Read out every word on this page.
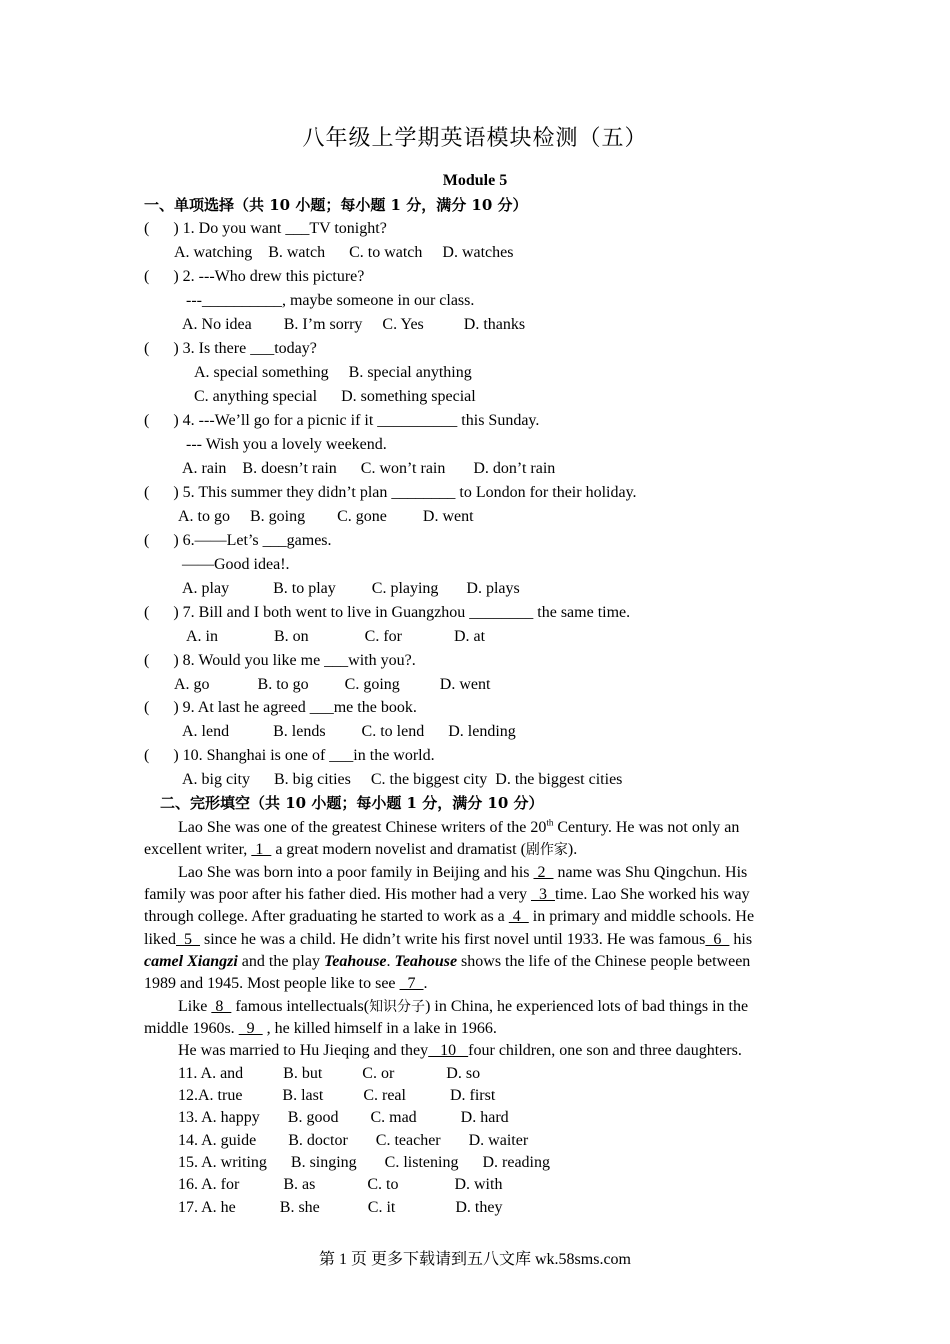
八年级上学期英语模块检测（五）
Module 5
一、单项选择（共 10 小题；每小题 1 分，满分 10 分）
(      ) 1. Do you want ___TV tonight?
A. watching    B. watch      C. to watch     D. watches
(      ) 2. ---Who drew this picture?
---__________, maybe someone in our class.
A. No idea        B. I’m sorry     C. Yes          D. thanks
(      ) 3. Is there ___today?
A. special something     B. special anything
C. anything special      D. something special
(      ) 4. ---We’ll go for a picnic if it __________ this Sunday.
--- Wish you a lovely weekend.
A. rain    B. doesn’t rain      C. won’t rain       D. don’t rain
(      ) 5. This summer they didn’t plan ________ to London for their holiday.
A. to go     B. going        C. gone         D. went
(      ) 6.——Let’s ___games.
——Good idea!.
A. play           B. to play         C. playing       D. plays
(      ) 7. Bill and I both went to live in Guangzhou ________ the same time.
A. in              B. on              C. for             D. at
(      ) 8. Would you like me ___with you?.
A. go            B. to go         C. going          D. went
(      ) 9. At last he agreed ___me the book.
A. lend           B. lends         C. to lend      D. lending
(      ) 10. Shanghai is one of ___in the world.
A. big city      B. big cities     C. the biggest city  D. the biggest cities
二、完形填空（共 10 小题；每小题 1 分，满分 10 分）
Lao She was one of the greatest Chinese writers of the 20th Century. He was not only an
excellent writer,  1   a great modern novelist and dramatist (剧作家).
Lao She was born into a poor family in Beijing and his  2   name was Shu Qingchun. His
family was poor after his father died. His mother had a very   3  time. Lao She worked his way
through college. After graduating he started to work as a  4   in primary and middle schools. He
liked  5   since he was a child. He didn’t write his first novel until 1933. He was famous  6   his
camel Xiangzi and the play Teahouse. Teahouse shows the life of the Chinese people between
1989 and 1945. Most people like to see   7  .
Like  8   famous intellectuals(知识分子) in China, he experienced lots of bad things in the
middle 1960s.   9   , he killed himself in a lake in 1966.
He was married to Hu Jieqing and they   10   four children, one son and three daughters.
11. A. and          B. but          C. or             D. so
12.A. true          B. last          C. real           D. first
13. A. happy       B. good        C. mad           D. hard
14. A. guide        B. doctor       C. teacher       D. waiter
15. A. writing      B. singing       C. listening      D. reading
16. A. for           B. as             C. to              D. with
17. A. he           B. she            C. it               D. they
第 1 页 更多下载请到五八文库 wk.58sms.com
